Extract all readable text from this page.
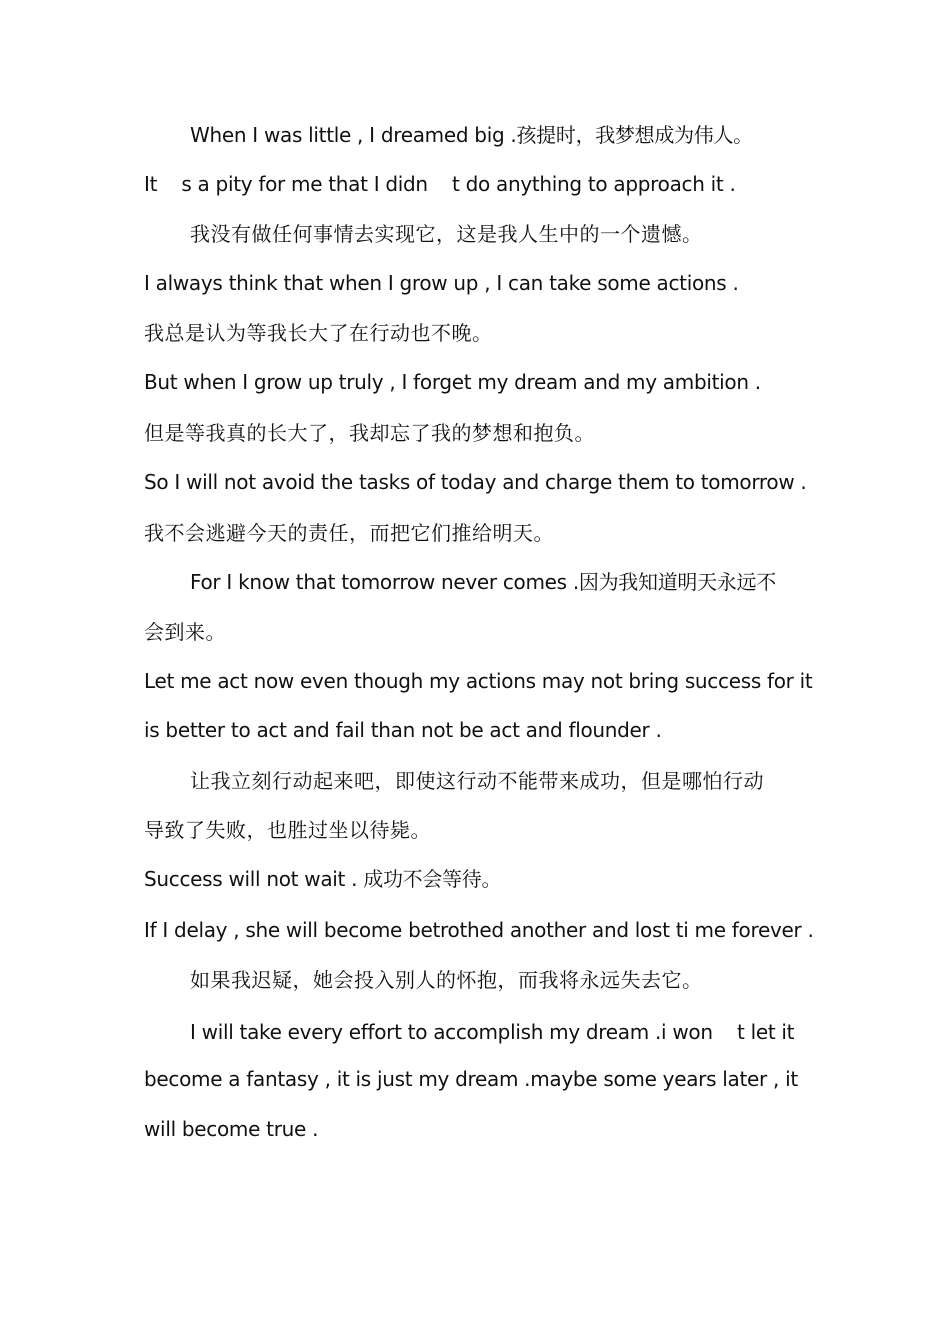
When I was little , I dreamed big .孩提时，我梦想成为伟人。
It    s a pity for me that I didn    t do anything to approach it .
我没有做任何事情去实现它，这是我人生中的一个遗憾。
I always think that when I grow up , I can take some actions .
我总是认为等我长大了在行动也不晚。
But when I grow up truly , I forget my dream and my ambition .
但是等我真的长大了，我却忘了我的梦想和抱负。
So I will not avoid the tasks of today and charge them to tomorrow .
我不会逃避今天的责任，而把它们推给明天。
For I know that tomorrow never comes .因为我知道明天永远不
会到来。
Let me act now even though my actions may not bring success for it
is better to act and fail than not be act and flounder .
让我立刻行动起来吧，即使这行动不能带来成功，但是哪怕行动
导致了失败，也胜过坐以待毙。
Success will not wait . 成功不会等待。
If I delay , she will become betrothed another and lost ti me forever .
如果我迟疑，她会投入别人的怀抱，而我将永远失去它。
I will take every effort to accomplish my dream .i won    t let it
become a fantasy , it is just my dream .maybe some years later , it
will become true .
